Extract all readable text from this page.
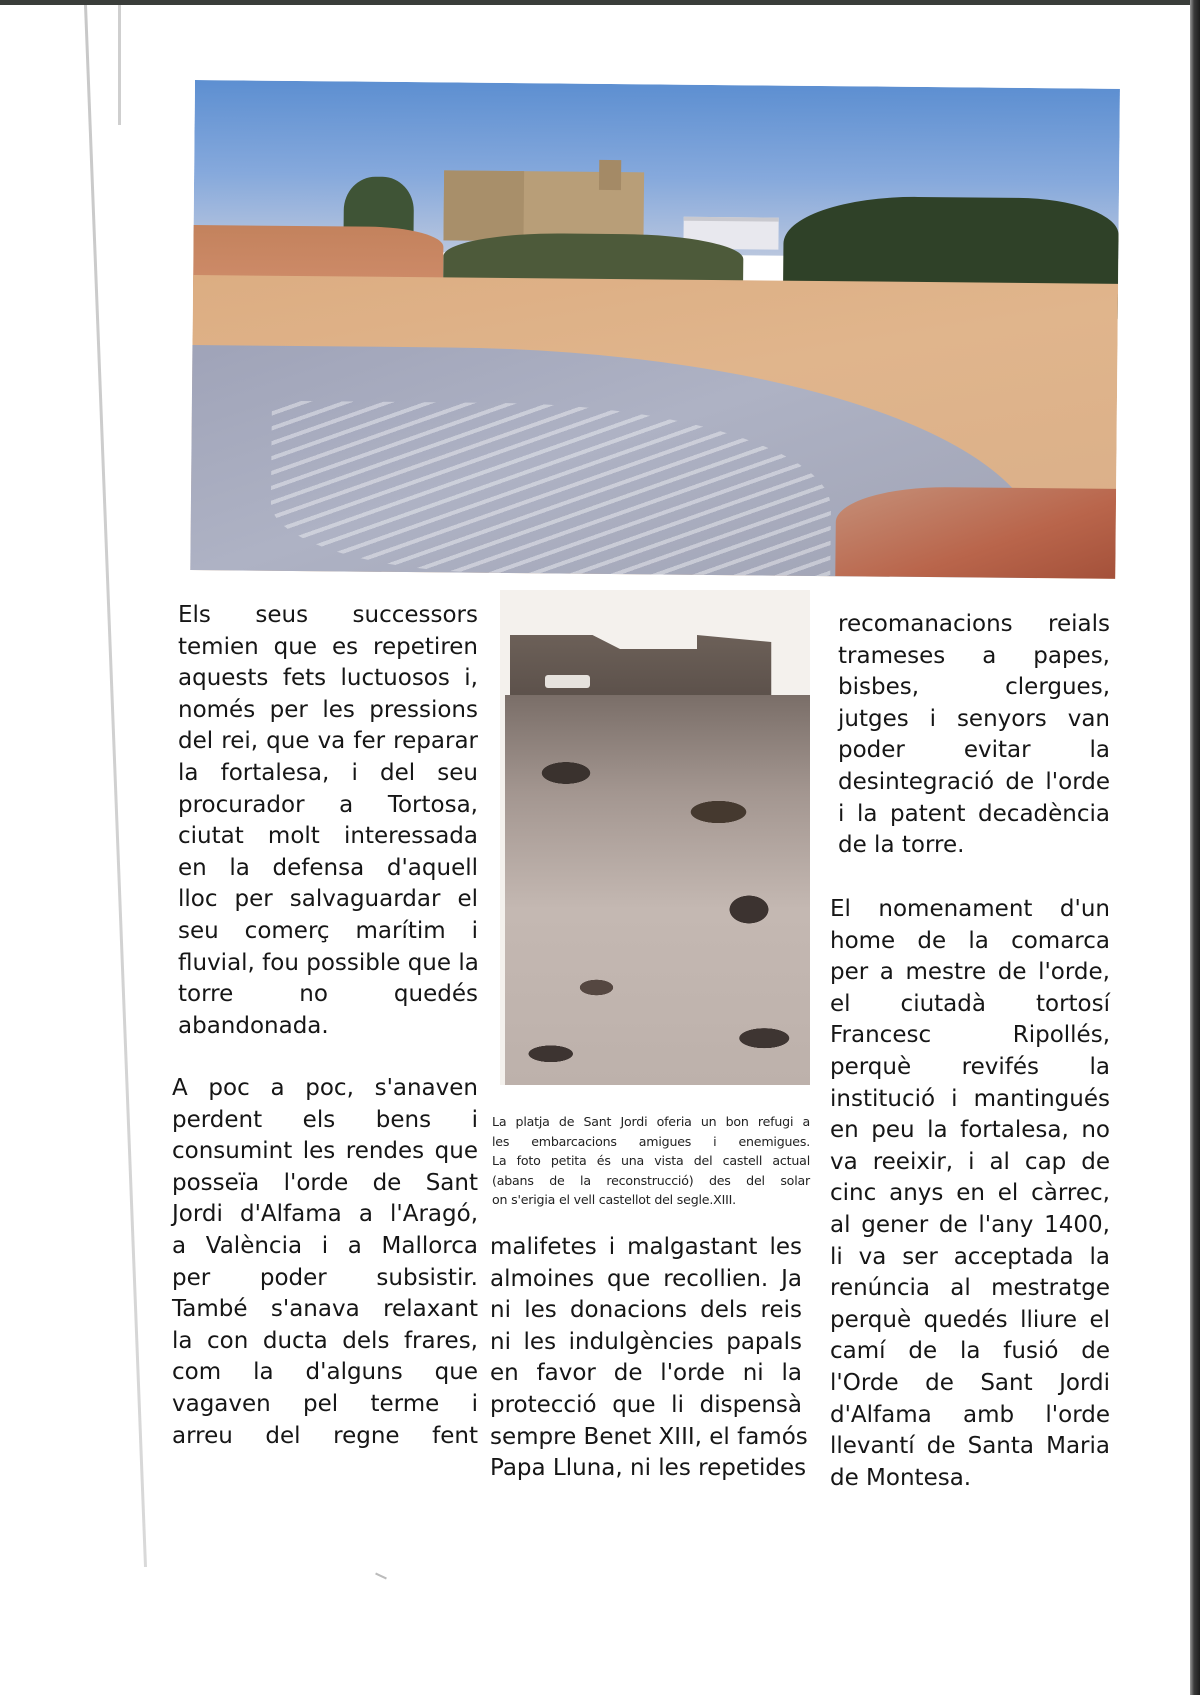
La platja de Sant Jordi oferia un bon refugi a
les embarcacions amigues i enemigues.
La foto petita és una vista del castell actual
(abans de la reconstrucció) des del solar
on s'erigia el vell castellot del segle.XIII.
Els seus successors
temien que es repetiren
aquests fets luctuosos i,
només per les pressions
del rei, que va fer reparar
la fortalesa, i del seu
procurador a Tortosa,
ciutat molt interessada
en la defensa d'aquell
lloc per salvaguardar el
seu comerç marítim i
fluvial, fou possible que la
torre no quedés
abandonada.
A poc a poc, s'anaven
perdent els bens i
consumint les rendes que
posseïa l'orde de Sant
Jordi d'Alfama a l'Aragó,
a València i a Mallorca
per poder subsistir.
També s'anava relaxant
la con ducta dels frares,
com la d'alguns que
vagaven pel terme i
arreu del regne fent
malifetes i malgastant les
almoines que recollien. Ja
ni les donacions dels reis
ni les indulgències papals
en favor de l'orde ni la
protecció que li dispensà
sempre Benet XIII, el famós
Papa Lluna, ni les repetides
recomanacions reials
trameses a papes,
bisbes, clergues,
jutges i senyors van
poder evitar la
desintegració de l'orde
i la patent decadència
de la torre.
El nomenament d'un
home de la comarca
per a mestre de l'orde,
el ciutadà tortosí
Francesc Ripollés,
perquè revifés la
institució i mantingués
en peu la fortalesa, no
va reeixir, i al cap de
cinc anys en el càrrec,
al gener de l'any 1400,
li va ser acceptada la
renúncia al mestratge
perquè quedés lliure el
camí de la fusió de
l'Orde de Sant Jordi
d'Alfama amb l'orde
llevantí de Santa Maria
de Montesa.
